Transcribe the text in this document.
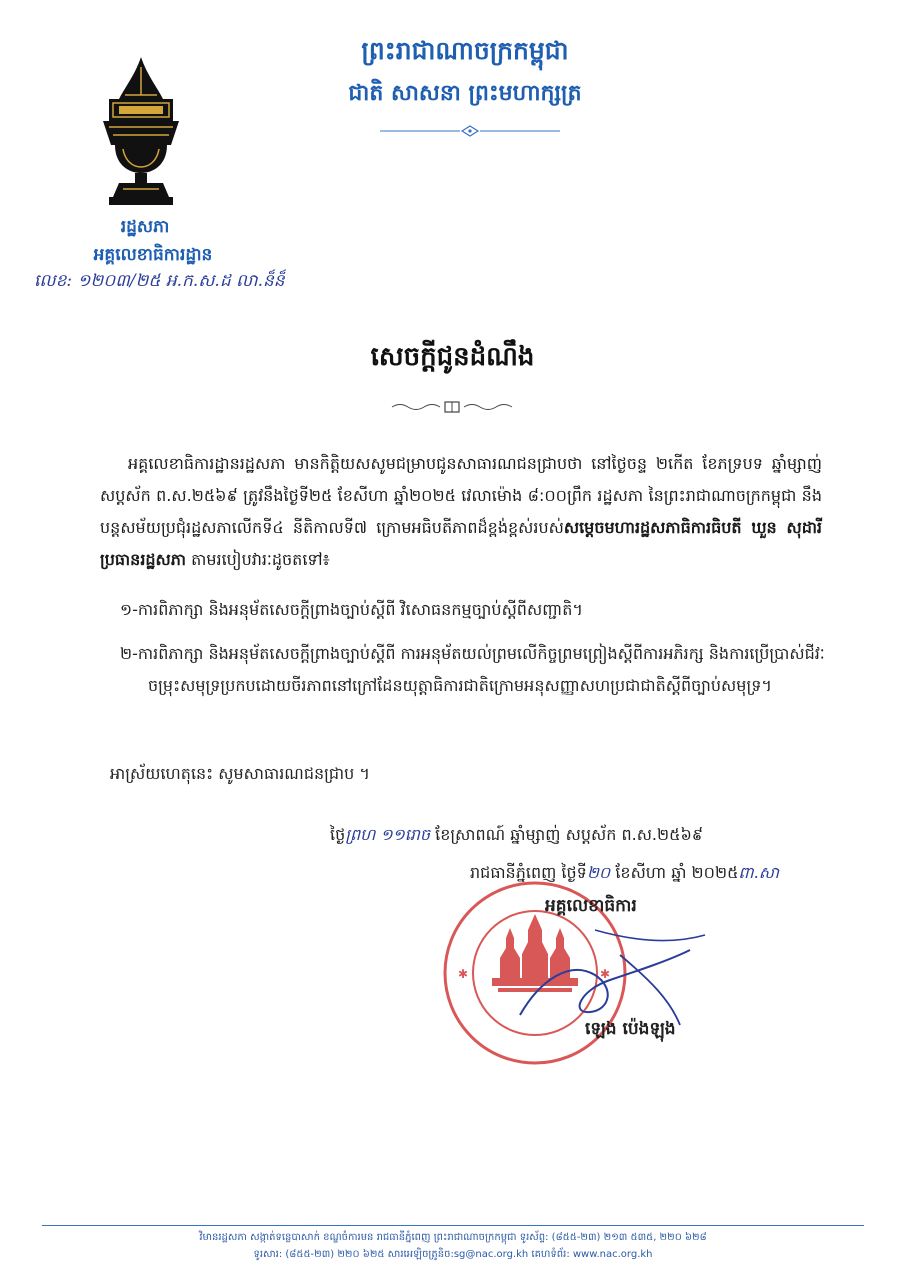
ព្រះរាជាណាចក្រកម្ពុជា
ជាតិ សាសនា ព្រះមហាក្សត្រ
រដ្ឋសភា
អគ្គលេខាធិការដ្ឋាន
លេខ: ១២០៣/២៥ អ.ក.ស.ដ លា.ន៏ន៏
សេចក្តីជូនដំណឹង
អគ្គលេខាធិការដ្ឋានរដ្ឋសភា មានកិត្តិយសសូមជម្រាបជូនសាធារណជនជ្រាបថា នៅថ្ងៃចន្ទ ២កើត ខែភទ្របទ ឆ្នាំម្សាញ់ សប្តស័ក ព.ស.២៥៦៩ ត្រូវនឹងថ្ងៃទី២៥ ខែសីហា ឆ្នាំ២០២៥ វេលាម៉ោង ៨:០០ព្រឹក រដ្ឋសភា នៃព្រះរាជាណាចក្រកម្ពុជា នឹងបន្តសម័យប្រជុំរដ្ឋសភាលើកទី៤ នីតិកាលទី៧ ក្រោមអធិបតីភាពដ៏ខ្ពង់ខ្ពស់របស់សម្តេចមហារដ្ឋសភាធិការធិបតី ឃួន សុដារី ប្រធានរដ្ឋសភា តាមរបៀបវារៈដូចតទៅ៖
១-ការពិភាក្សា និងអនុម័តសេចក្តីព្រាងច្បាប់ស្តីពី វិសោធនកម្មច្បាប់ស្តីពីសញ្ជាតិ។
២-ការពិភាក្សា និងអនុម័តសេចក្តីព្រាងច្បាប់ស្តីពី ការអនុម័តយល់ព្រមលើកិច្ចព្រមព្រៀងស្តីពីការអភិរក្ស និងការប្រើប្រាស់ជីវៈចម្រុះសមុទ្រប្រកបដោយចីរភាពនៅក្រៅដែនយុត្តាធិការជាតិក្រោមអនុសញ្ញាសហប្រជាជាតិស្តីពីច្បាប់សមុទ្រ។
អាស្រ័យហេតុនេះ សូមសាធារណជនជ្រាប ។
ថ្ងៃព្រហ ១១រោច ខែស្រាពណ៍ ឆ្នាំម្សាញ់ សប្តស័ក ព.ស.២៥៦៩
រាជធានីភ្នំពេញ ថ្ងៃទី២០ ខែសីហា ឆ្នាំ ២០២៥ពា.សា
✱	✱
អគ្គលេខាធិការ
ឡេង ប៉េងឡុង
វិមានរដ្ឋសភា សង្កាត់ទន្លេបាសាក់ ខណ្ឌចំការមន រាជធានីភ្នំពេញ ព្រះរាជាណាចក្រកម្ពុជា ទូរស័ព្ទ: (៨៥៥-២៣) ២១៣ ៥៣៥, ២២០ ៦២៨
ទូរសារ: (៨៥៥-២៣) ២២០ ៦២៥ សារអេឡិចត្រូនិច:sg@nac.org.kh គេហទំព័រ: www.nac.org.kh
